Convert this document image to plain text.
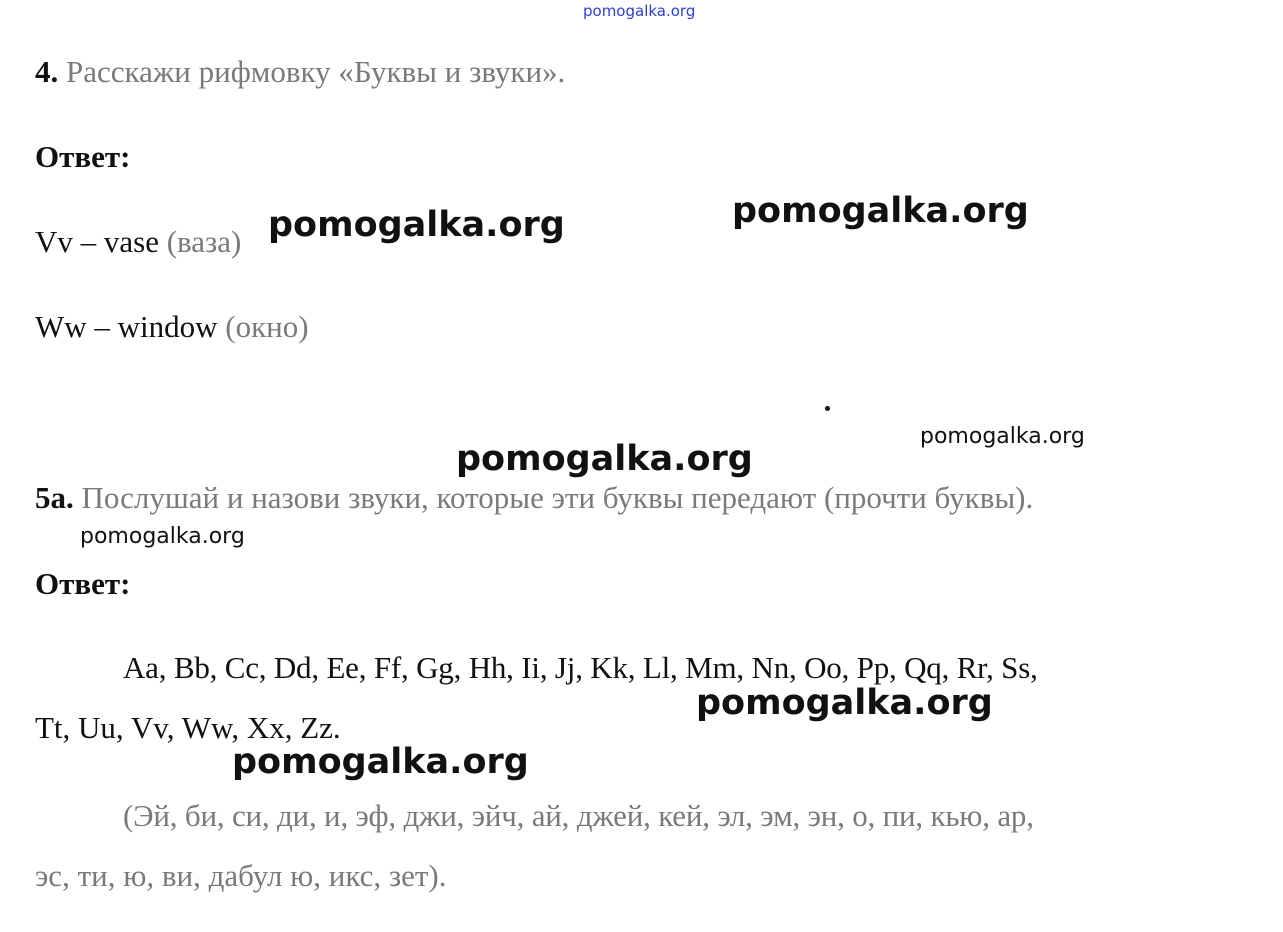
pomogalka.org
4. Расскажи рифмовку «Буквы и звуки».
Ответ:
Vv – vase (ваза)
Ww – window (окно)
5а. Послушай и назови звуки, которые эти буквы передают (прочти буквы).
Ответ:
Aa, Bb, Cc, Dd, Ee, Ff, Gg, Hh, Ii, Jj, Kk, Ll, Mm, Nn, Oo, Pp, Qq, Rr, Ss,
Tt, Uu, Vv, Ww, Xx, Zz.
(Эй, би, си, ди, и, эф, джи, эйч, ай, джей, кей, эл, эм, эн, о, пи, кью, ар,
эс, ти, ю, ви, дабул ю, икс, зет).
pomogalka.org	pomogalka.org
pomogalka.org
pomogalka.org
pomogalka.org
pomogalka.org
pomogalka.org
